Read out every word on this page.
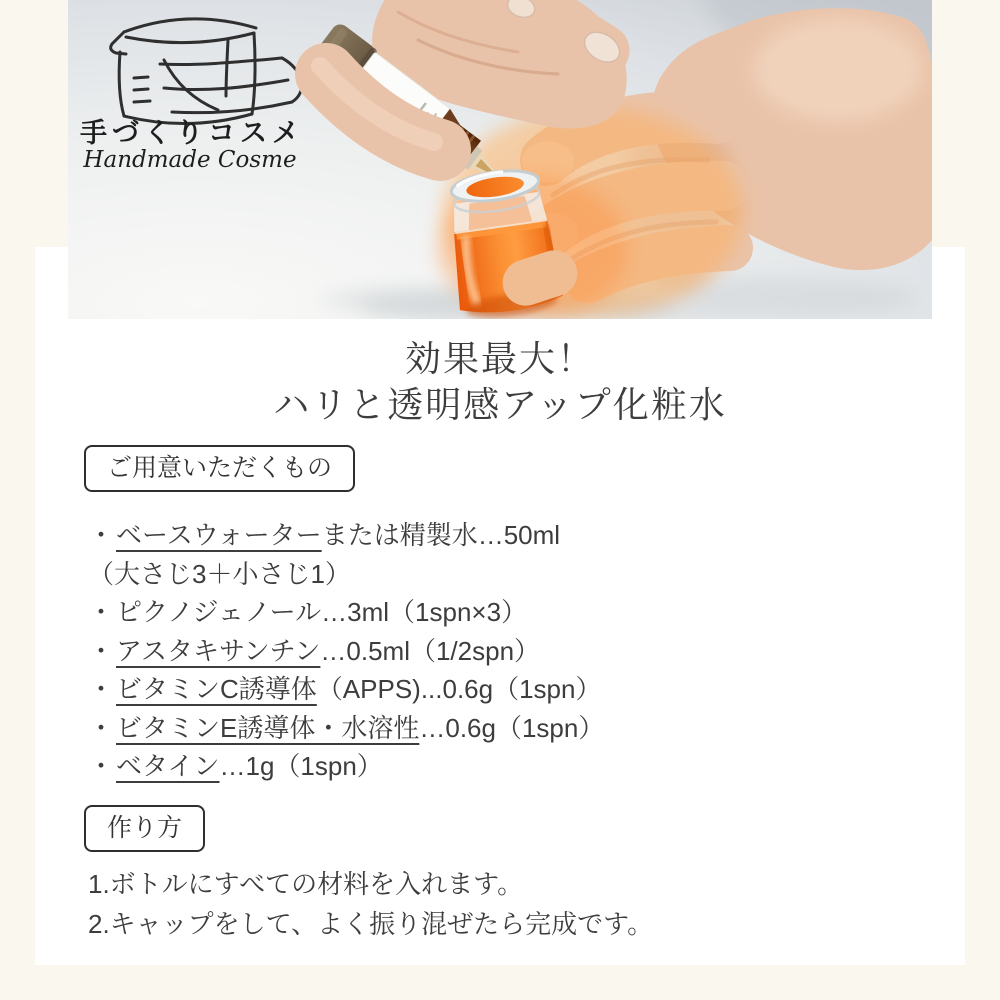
手づくりコスメ
Handmade Cosme
効果最大！
ハリと透明感アップ化粧水
ご用意いただくもの
・ベースウォーターまたは精製水…50ml
（大さじ3＋小さじ1）
・ピクノジェノール…3ml（1spn×3）
・アスタキサンチン…0.5ml（1/2spn）
・ビタミンC誘導体（APPS)...0.6g（1spn）
・ビタミンE誘導体・水溶性…0.6g（1spn）
・ベタイン…1g（1spn）
作り方
1.ボトルにすべての材料を入れます。
2.キャップをして、よく振り混ぜたら完成です。
